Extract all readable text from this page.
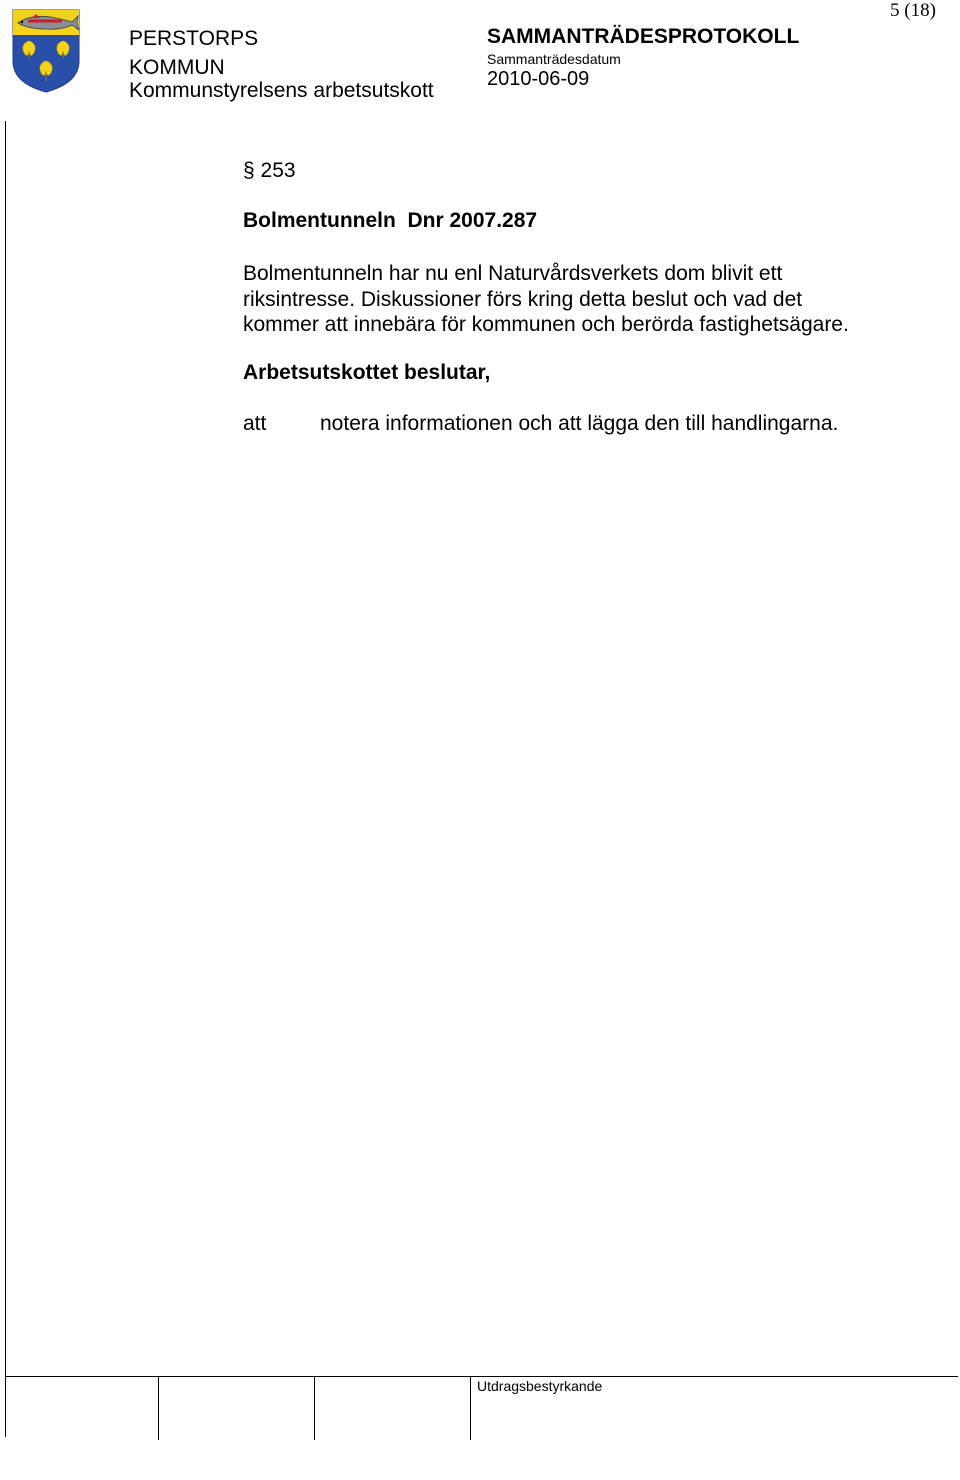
5 (18)
PERSTORPS
KOMMUN
Kommunstyrelsens arbetsutskott
SAMMANTRÄDESPROTOKOLL
Sammanträdesdatum
2010-06-09
Utdragsbestyrkande
§ 253
Bolmentunneln  Dnr 2007.287
Bolmentunneln har nu enl Naturvårdsverkets dom blivit ett riksintresse. Diskussioner förs kring detta beslut och vad det kommer att innebära för kommunen och berörda fastighetsägare.
Arbetsutskottet beslutar,
att	notera informationen och att lägga den till handlingarna.
